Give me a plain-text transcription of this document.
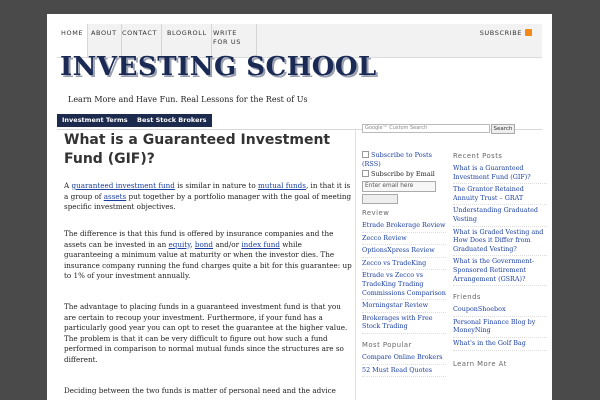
HOME	ABOUT CONTACT	BLOGROLL WRITE FOR US
SUBSCRIBE
INVESTING SCHOOL
Learn More and Have Fun. Real Lessons for the Rest of Us
Investment Terms	Best Stock Brokers
What is a Guaranteed Investment Fund (GIF)?

A guaranteed investment fund is similar in nature to mutual funds, in that it is a group of assets put together by a portfolio manager with the goal of meeting specific investment objectives.

The difference is that this fund is offered by insurance companies and the assets can be invested in an equity, bond and/or index fund while guaranteeing a minimum value at maturity or when the investor dies. The insurance company running the fund charges quite a bit for this guarantee: up to 1% of your investment annually.

The advantage to placing funds in a guaranteed investment fund is that you are certain to recoup your investment. Furthermore, if your fund has a particularly good year you can opt to reset the guarantee at the higher value. The problem is that it can be very difficult to figure out how such a fund performed in comparison to normal mutual funds since the structures are so different.

Deciding between the two funds is matter of personal need and the advice

Google™ Custom Search	Search
Subscribe to Posts (RSS)
Subscribe by Email
Enter email here
Review
Etrade Brokerage Review
Zecco Review
OptionsXpress Review
Zecco vs TradeKing
Etrade vs Zecco vs TradeKing Trading Commissions Comparison
Morningstar Review
Brokerages with Free Stock Trading
Most Popular
Compare Online Brokers
52 Must Read Quotes
Recent Posts
What is a Guaranteed Investment Fund (GIF)?
The Grantor Retained Annuity Trust – GRAT
Understanding Graduated Vesting
What is Graded Vesting and How Does it Differ from Graduated Vesting?
What is the Government-Sponsored Retirement Arrangement (GSRA)?
Friends
CouponShoebox
Personal Finance Blog by MoneyNing
What's in the Golf Bag
Learn More At
